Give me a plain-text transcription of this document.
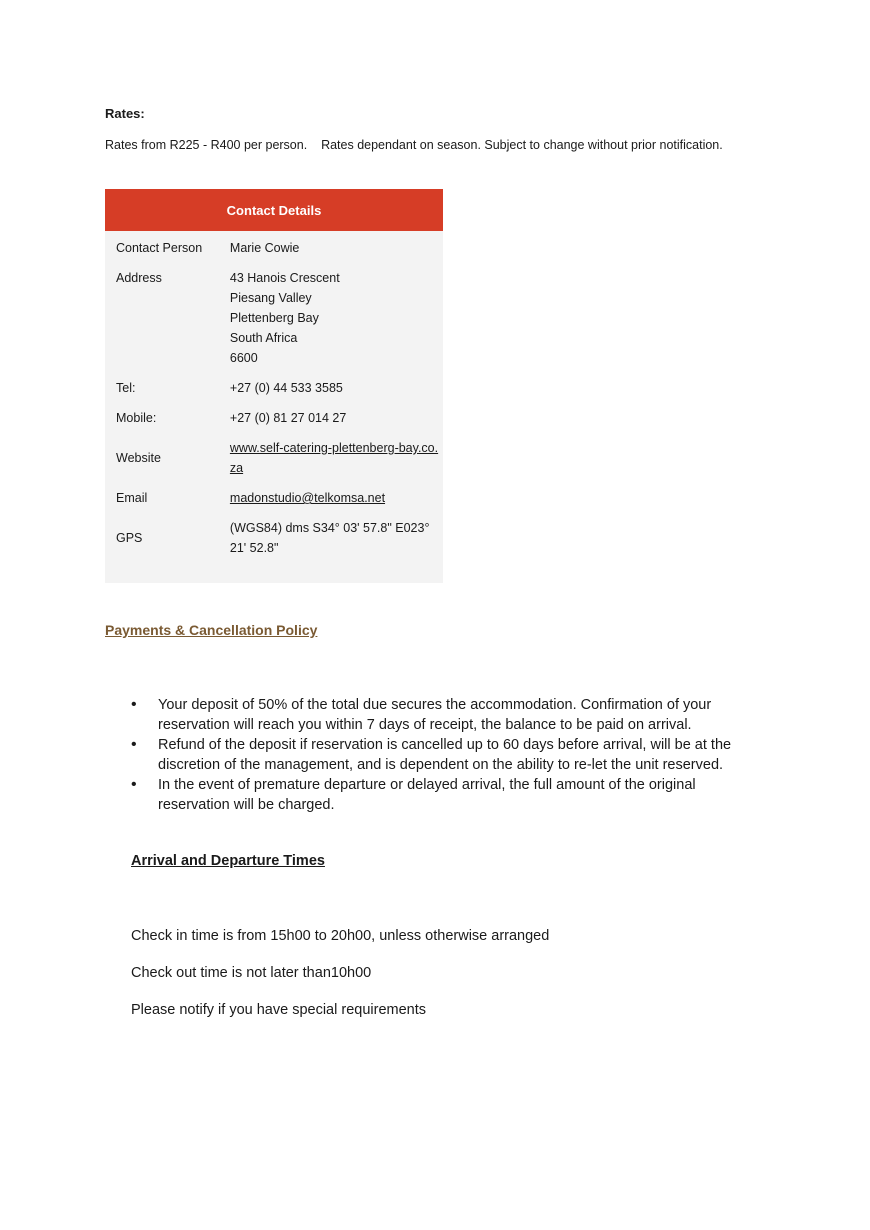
Rates:

Rates from R225 - R400 per person.    Rates dependant on season. Subject to change without prior notification.

Contact Details
Contact Person	Marie Cowie
Address	43 Hanois Crescent
Piesang Valley
Plettenberg Bay
South Africa
6600

Tel:	+27 (0) 44 533 3585
Mobile:	+27 (0) 81 27 014 27
Website	www.self-catering-plettenberg-bay.co.za
Email	madonstudio@telkomsa.net
GPS	(WGS84) dms S34° 03' 57.8" E023° 21' 52.8"

Payments & Cancellation Policy

• Your deposit of 50% of the total due secures the accommodation. Confirmation of your reservation will reach you within 7 days of receipt, the balance to be paid on arrival.
• Refund of the deposit if reservation is cancelled up to 60 days before arrival, will be at the discretion of the management, and is dependent on the ability to re-let the unit reserved.
• In the event of premature departure or delayed arrival, the full amount of the original reservation will be charged.

Arrival and Departure Times

Check in time is from 15h00 to 20h00, unless otherwise arranged

Check out time is not later than10h00

Please notify if you have special requirements
